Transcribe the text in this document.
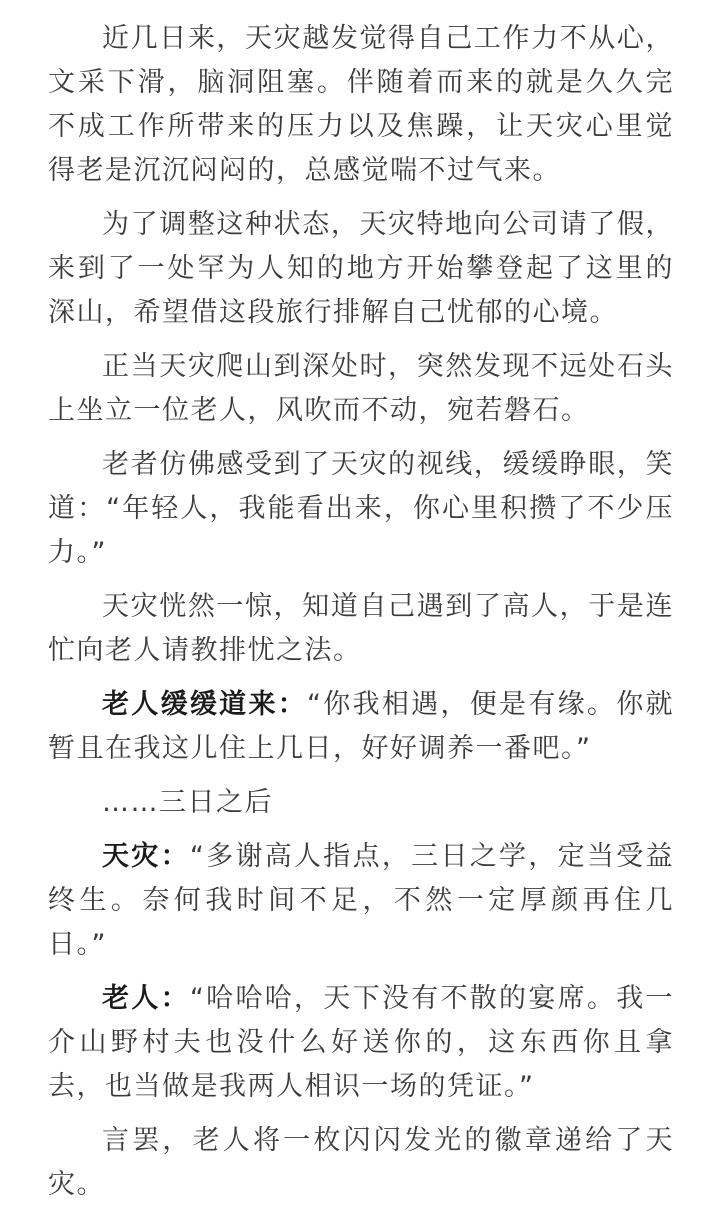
近几日来，天灾越发觉得自己工作力不从心，文采下滑，脑洞阻塞。伴随着而来的就是久久完不成工作所带来的压力以及焦躁，让天灾心里觉得老是沉沉闷闷的，总感觉喘不过气来。

为了调整这种状态，天灾特地向公司请了假，来到了一处罕为人知的地方开始攀登起了这里的深山，希望借这段旅行排解自己忧郁的心境。

正当天灾爬山到深处时，突然发现不远处石头上坐立一位老人，风吹而不动，宛若磐石。

老者仿佛感受到了天灾的视线，缓缓睁眼，笑道：“年轻人，我能看出来，你心里积攒了不少压力。”

天灾恍然一惊，知道自己遇到了高人，于是连忙向老人请教排忧之法。

老人缓缓道来：“你我相遇，便是有缘。你就暂且在我这儿住上几日，好好调养一番吧。”

……三日之后

天灾：“多谢高人指点，三日之学，定当受益终生。奈何我时间不足，不然一定厚颜再住几日。”

老人：“哈哈哈，天下没有不散的宴席。我一介山野村夫也没什么好送你的，这东西你且拿去，也当做是我两人相识一场的凭证。”

言罢，老人将一枚闪闪发光的徽章递给了天灾。
